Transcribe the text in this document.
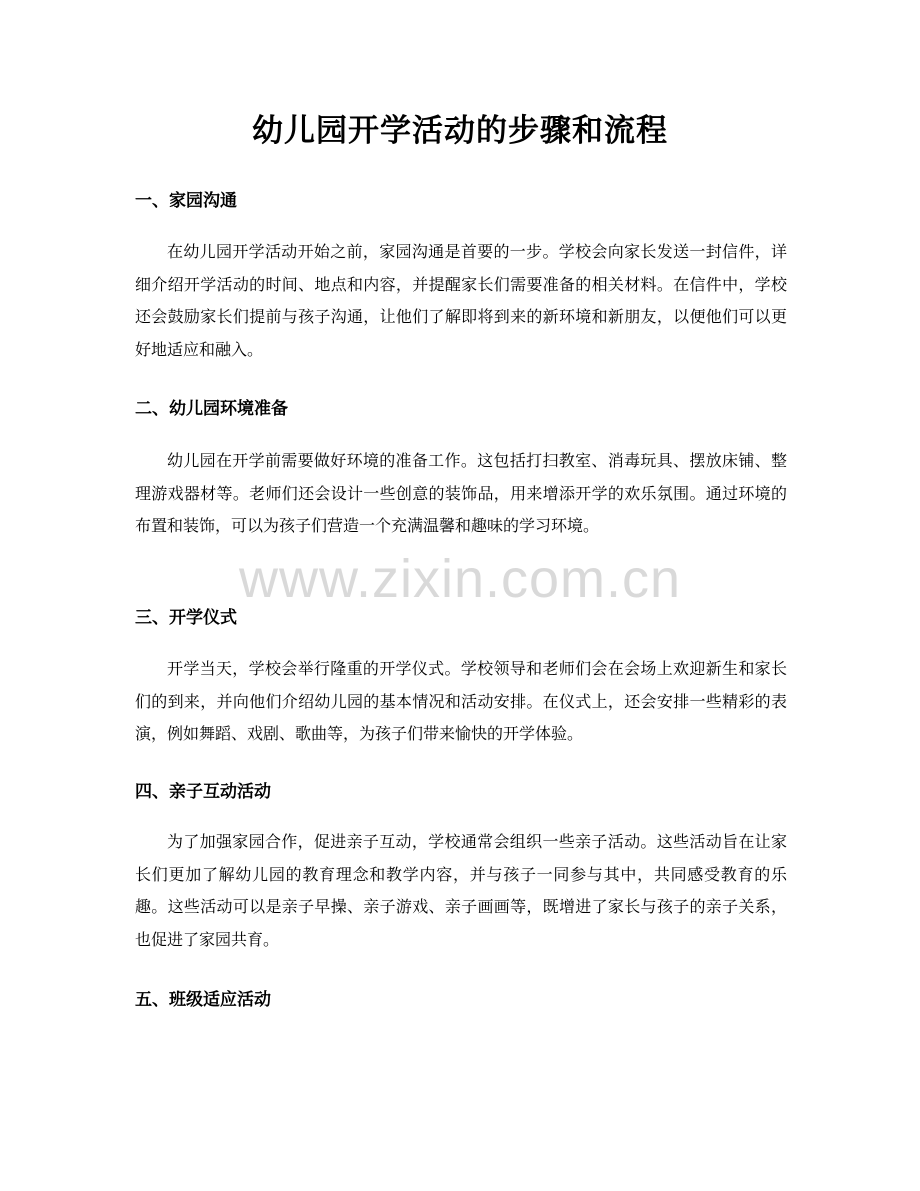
幼儿园开学活动的步骤和流程
一、家园沟通
在幼儿园开学活动开始之前，家园沟通是首要的一步。学校会向家长发送一封信件，详细介绍开学活动的时间、地点和内容，并提醒家长们需要准备的相关材料。在信件中，学校还会鼓励家长们提前与孩子沟通，让他们了解即将到来的新环境和新朋友，以便他们可以更好地适应和融入。
二、幼儿园环境准备
幼儿园在开学前需要做好环境的准备工作。这包括打扫教室、消毒玩具、摆放床铺、整理游戏器材等。老师们还会设计一些创意的装饰品，用来增添开学的欢乐氛围。通过环境的布置和装饰，可以为孩子们营造一个充满温馨和趣味的学习环境。
三、开学仪式
开学当天，学校会举行隆重的开学仪式。学校领导和老师们会在会场上欢迎新生和家长们的到来，并向他们介绍幼儿园的基本情况和活动安排。在仪式上，还会安排一些精彩的表演，例如舞蹈、戏剧、歌曲等，为孩子们带来愉快的开学体验。
四、亲子互动活动
为了加强家园合作，促进亲子互动，学校通常会组织一些亲子活动。这些活动旨在让家长们更加了解幼儿园的教育理念和教学内容，并与孩子一同参与其中，共同感受教育的乐趣。这些活动可以是亲子早操、亲子游戏、亲子画画等，既增进了家长与孩子的亲子关系，也促进了家园共育。
五、班级适应活动
www.zixin.com.cn
